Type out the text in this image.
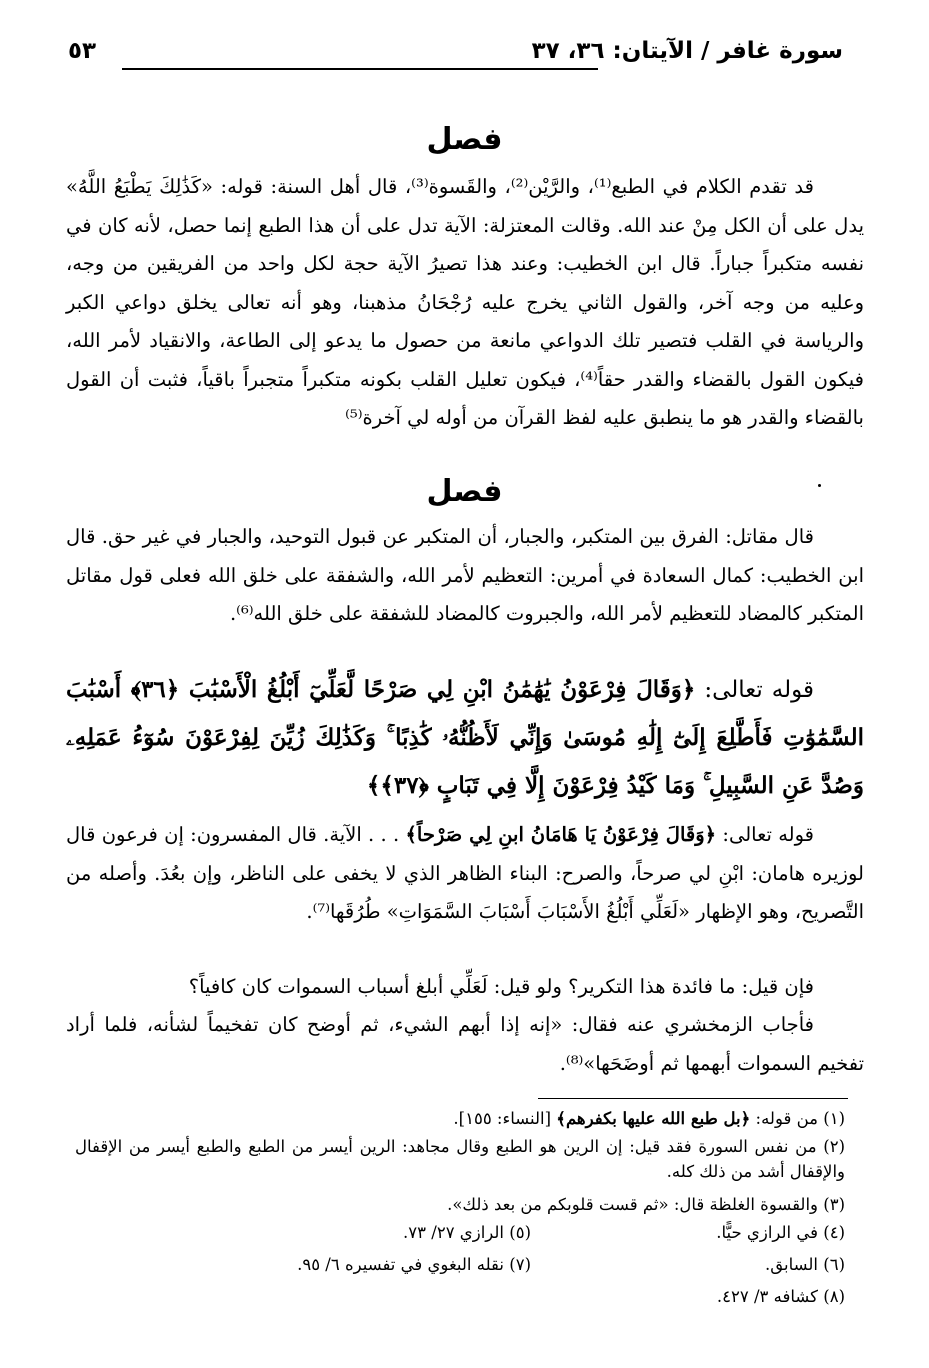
سورة غافر / الآيتان: ٣٦، ٣٧
٥٣
فصل
قد تقدم الكلام في الطبع⁽¹⁾، والرَّيْن⁽²⁾، والقَسوة⁽³⁾، قال أهل السنة: قوله: «كَذَٰلِكَ يَطْبَعُ اللَّهُ» يدل على أن الكل مِنْ عند الله. وقالت المعتزلة: الآية تدل على أن هذا الطبع إنما حصل، لأنه كان في نفسه متكبراً جباراً. قال ابن الخطيب: وعند هذا تصيرُ الآية حجة لكل واحد من الفريقين من وجه، وعليه من وجه آخر، والقول الثاني يخرج عليه رُجْحَانُ مذهبنا، وهو أنه تعالى يخلق دواعي الكبر والرياسة في القلب فتصير تلك الدواعي مانعة من حصول ما يدعو إلى الطاعة، والانقياد لأمر الله، فيكون القول بالقضاء والقدر حقاً⁽⁴⁾، فيكون تعليل القلب بكونه متكبراً متجبراً باقياً، فثبت أن القول بالقضاء والقدر هو ما ينطبق عليه لفظ القرآن من أوله لي آخرة⁽⁵⁾
فصل
قال مقاتل: الفرق بين المتكبر، والجبار، أن المتكبر عن قبول التوحيد، والجبار في غير حق. قال ابن الخطيب: كمال السعادة في أمرين: التعظيم لأمر الله، والشفقة على خلق الله فعلى قول مقاتل المتكبر كالمضاد للتعظيم لأمر الله، والجبروت كالمضاد للشفقة على خلق الله⁽⁶⁾.
قوله تعالى: ﴿وَقَالَ فِرْعَوْنُ يَٰهَٰمَٰنُ ابْنِ لِي صَرْحًا لَّعَلِّيٓ أَبْلُغُ الْأَسْبَٰبَ ﴿٣٦﴾ أَسْبَٰبَ السَّمَٰوَٰتِ فَأَطَّلِعَ إِلَىٰٓ إِلَٰهِ مُوسَىٰ وَإِنِّي لَأَظُنُّهُۥ كَٰذِبًا ۚ وَكَذَٰلِكَ زُيِّنَ لِفِرْعَوْنَ سُوٓءُ عَمَلِهِۦ وَصُدَّ عَنِ السَّبِيلِ ۚ وَمَا كَيْدُ فِرْعَوْنَ إِلَّا فِي تَبَابٍ ﴿٣٧﴾﴾
قوله تعالى: ﴿وَقَالَ فِرْعَوْنُ يَا هَامَانُ ابنِ لِي صَرْحاً﴾ . . . الآية. قال المفسرون: إن فرعون قال لوزيره هامان: ابْنِ لي صرحاً، والصرح: البناء الظاهر الذي لا يخفى على الناظر، وإن بعُدَ. وأصله من التَّصريح، وهو الإظهار «لَعَلِّي أَبْلُغُ الأَسْبَابَ أَسْبَابَ السَّمَوَاتِ» طُرُقَها⁽⁷⁾.
فإن قيل: ما فائدة هذا التكرير؟ ولو قيل: لَعَلِّي أبلغ أسباب السموات كان كافياً؟
فأجاب الزمخشري عنه فقال: «إنه إذا أبهم الشيء، ثم أوضح كان تفخيماً لشأنه، فلما أراد تفخيم السموات أبهمها ثم أوضَحَها»⁽⁸⁾.
(١) من قوله: ﴿بل طبع الله عليها بكفرهم﴾ [النساء: ١٥٥].
(٢) من نفس السورة فقد قيل: إن الرين هو الطبع وقال مجاهد: الرين أيسر من الطبع والطبع أيسر من الإقفال والإقفال أشد من ذلك كله.
(٣) والقسوة الغلظة قال: «ثم قست قلوبكم من بعد ذلك».
(٤) في الرازي حيًّا.
(٥) الرازي ٢٧/ ٧٣.
(٦) السابق.
(٧) نقله البغوي في تفسيره ٦/ ٩٥.
(٨) كشافه ٣/ ٤٢٧.
